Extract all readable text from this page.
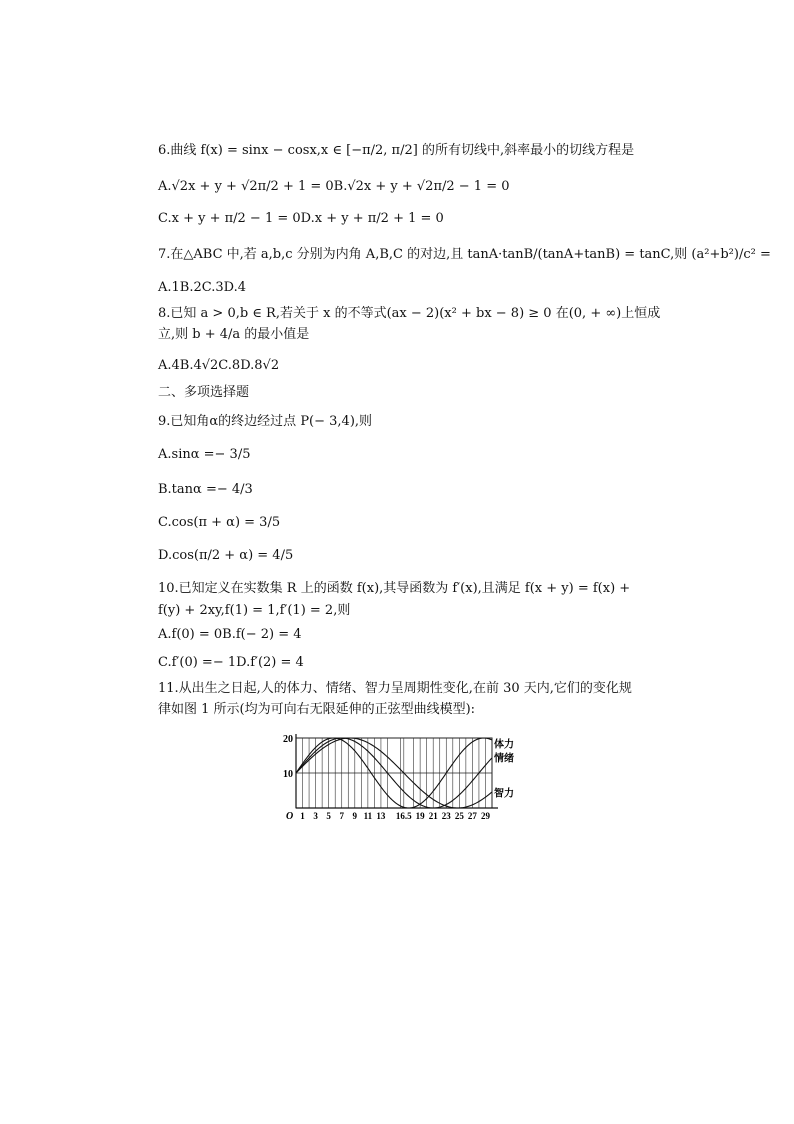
6.曲线 f(x) = sinx − cosx,x ∈ [−π/2, π/2] 的所有切线中,斜率最小的切线方程是
A.√2x + y + √2π/2 + 1 = 0B.√2x + y + √2π/2 − 1 = 0
C.x + y + π/2 − 1 = 0D.x + y + π/2 + 1 = 0
7.在△ABC 中,若 a,b,c 分别为内角 A,B,C 的对边,且 tanA·tanB/(tanA+tanB) = tanC,则 (a²+b²)/c² =
A.1B.2C.3D.4
8.已知 a > 0,b ∈ R,若关于 x 的不等式(ax − 2)(x² + bx − 8) ≥ 0 在(0, + ∞)上恒成
立,则 b + 4/a 的最小值是
A.4B.4√2C.8D.8√2
二、多项选择题
9.已知角α的终边经过点 P(− 3,4),则
A.sinα =− 3/5
B.tanα =− 4/3
C.cos(π + α) = 3/5
D.cos(π/2 + α) = 4/5
10.已知定义在实数集 R 上的函数 f(x),其导函数为 f′(x),且满足 f(x + y) = f(x) +
f(y) + 2xy,f(1) = 1,f′(1) = 2,则
A.f(0) = 0B.f(− 2) = 4
C.f′(0) =− 1D.f′(2) = 4
11.从出生之日起,人的体力、情绪、智力呈周期性变化,在前 30 天内,它们的变化规
律如图 1 所示(均为可向右无限延伸的正弦型曲线模型):
10
20
O 1 3 5 7 9 11 13 16.5 19 21 23 25 27 29
体力
情绪
智力
